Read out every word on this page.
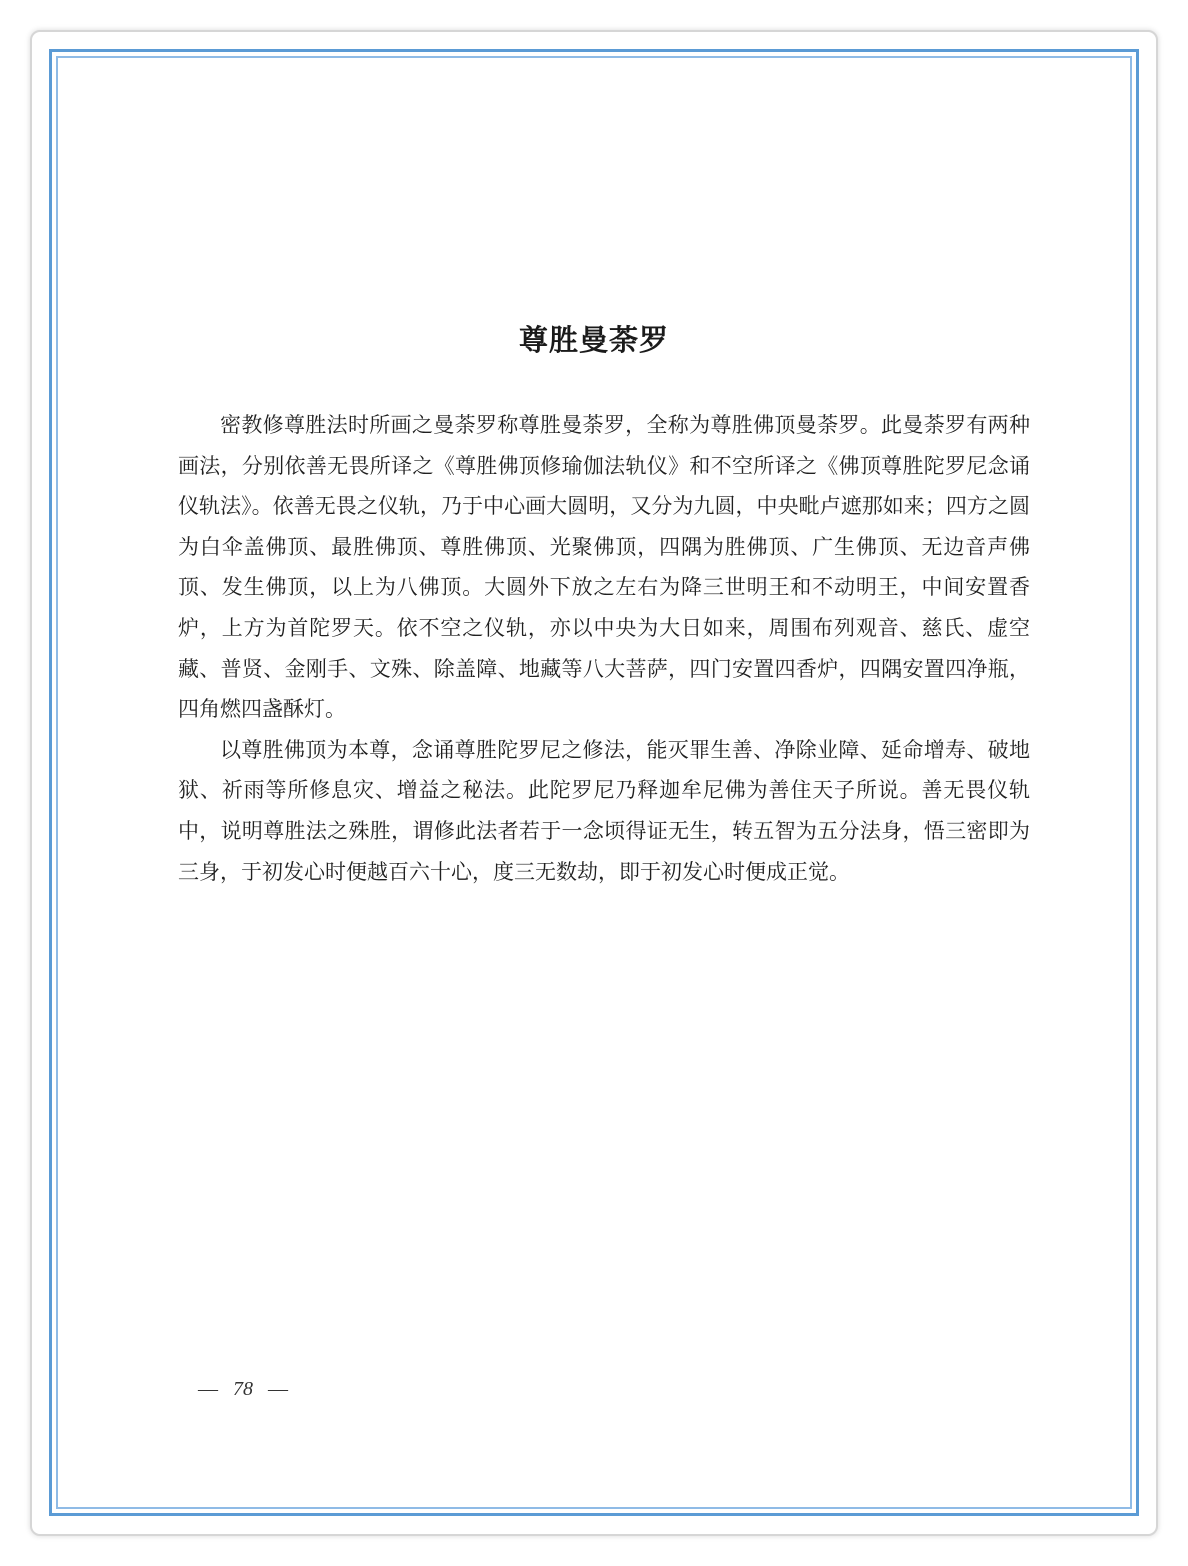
尊胜曼荼罗

密教修尊胜法时所画之曼荼罗称尊胜曼荼罗，全称为尊胜佛顶曼荼罗。此曼荼罗有两种画法，分别依善无畏所译之《尊胜佛顶修瑜伽法轨仪》和不空所译之《佛顶尊胜陀罗尼念诵仪轨法》。依善无畏之仪轨，乃于中心画大圆明，又分为九圆，中央毗卢遮那如来；四方之圆为白伞盖佛顶、最胜佛顶、尊胜佛顶、光聚佛顶，四隅为胜佛顶、广生佛顶、无边音声佛顶、发生佛顶，以上为八佛顶。大圆外下放之左右为降三世明王和不动明王，中间安置香炉，上方为首陀罗天。依不空之仪轨，亦以中央为大日如来，周围布列观音、慈氏、虚空藏、普贤、金刚手、文殊、除盖障、地藏等八大菩萨，四门安置四香炉，四隅安置四净瓶，四角燃四盏酥灯。

以尊胜佛顶为本尊，念诵尊胜陀罗尼之修法，能灭罪生善、净除业障、延命增寿、破地狱、祈雨等所修息灾、增益之秘法。此陀罗尼乃释迦牟尼佛为善住天子所说。善无畏仪轨中，说明尊胜法之殊胜，谓修此法者若于一念顷得证无生，转五智为五分法身，悟三密即为三身，于初发心时便越百六十心，度三无数劫，即于初发心时便成正觉。

— 78 —
